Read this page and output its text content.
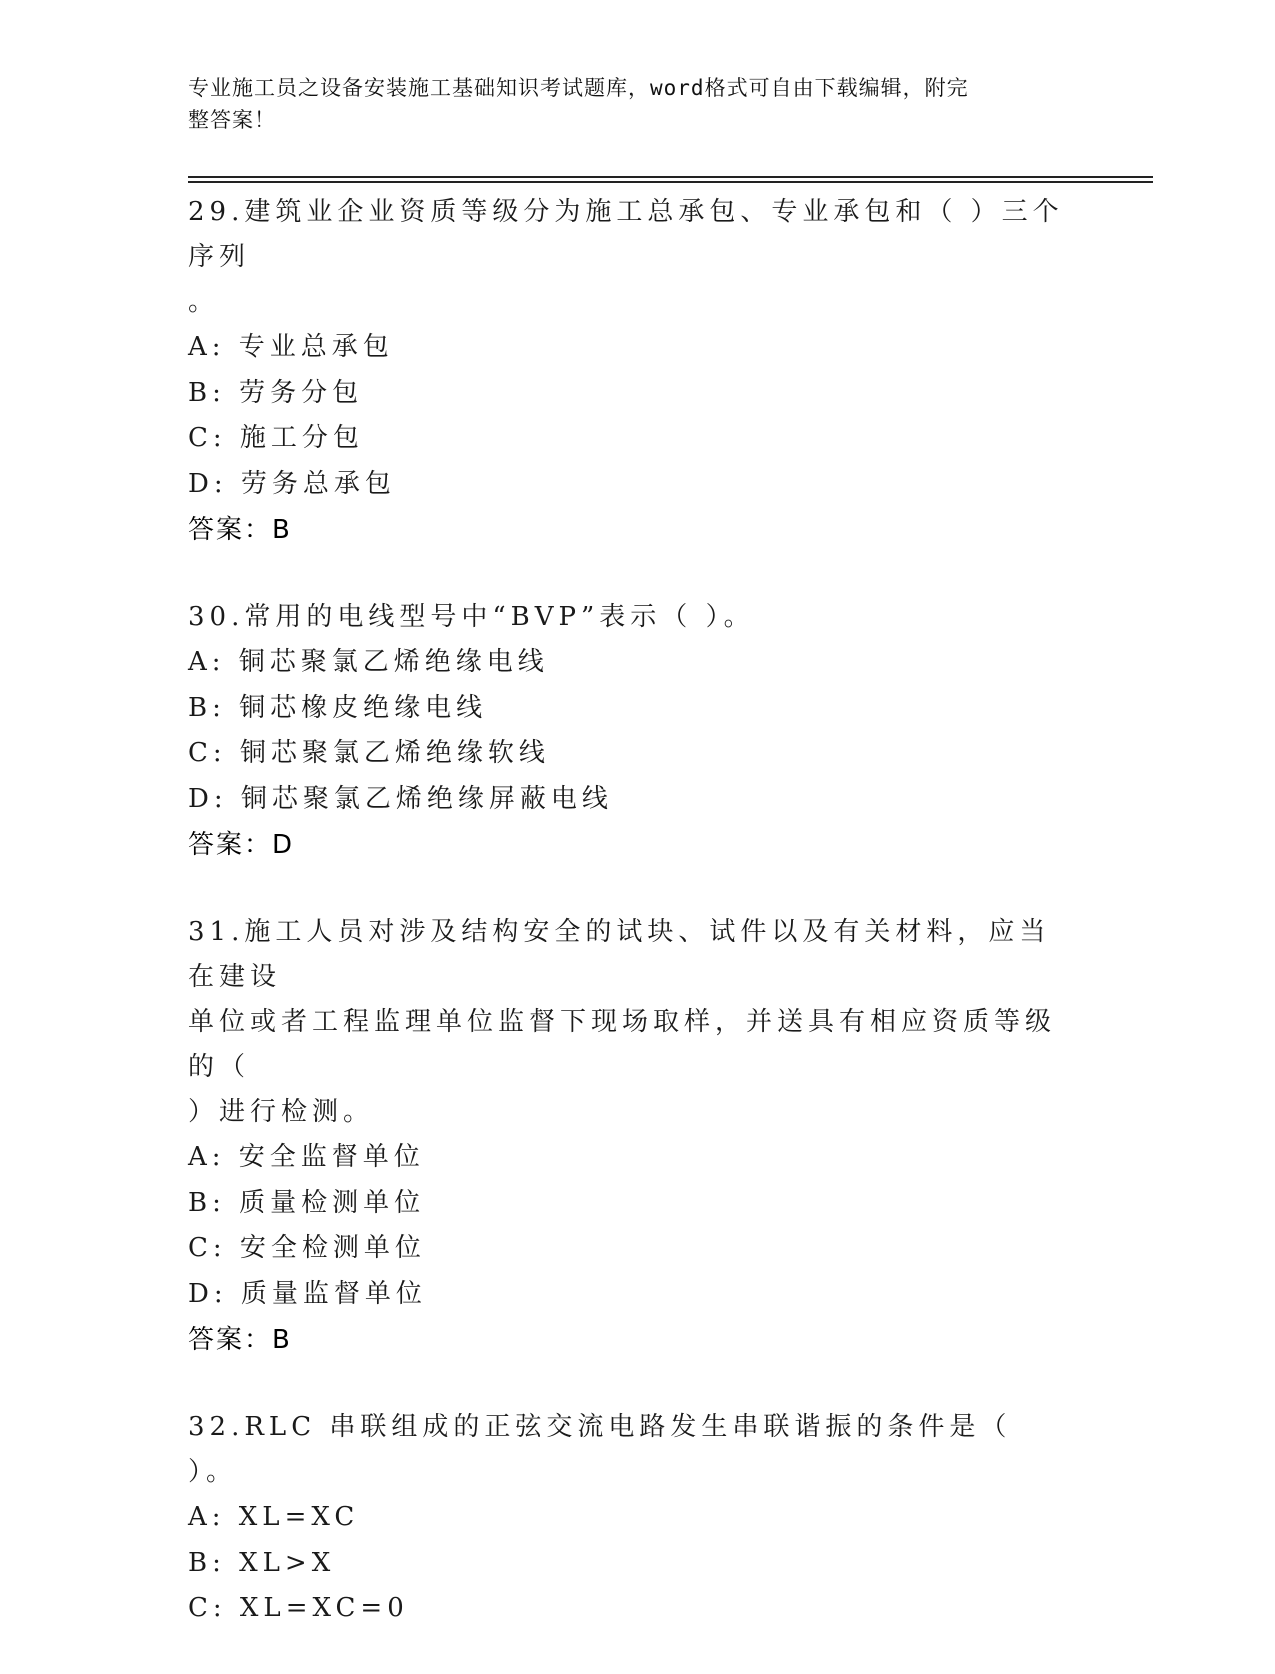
专业施工员之设备安装施工基础知识考试题库，word格式可自由下载编辑，附完
整答案！
29.建筑业企业资质等级分为施工总承包、专业承包和（ ）三个序列
。
A: 专业总承包
B: 劳务分包
C: 施工分包
D: 劳务总承包
答案：B
30.常用的电线型号中“BVP”表示（ ）。
A: 铜芯聚氯乙烯绝缘电线
B: 铜芯橡皮绝缘电线
C: 铜芯聚氯乙烯绝缘软线
D: 铜芯聚氯乙烯绝缘屏蔽电线
答案：D
31.施工人员对涉及结构安全的试块、试件以及有关材料，应当在建设
单位或者工程监理单位监督下现场取样，并送具有相应资质等级的（
）进行检测。
A: 安全监督单位
B: 质量检测单位
C: 安全检测单位
D: 质量监督单位
答案：B
32.RLC 串联组成的正弦交流电路发生串联谐振的条件是（ ）。
A: XL=XC
B: XL>X
C: XL=XC=0
